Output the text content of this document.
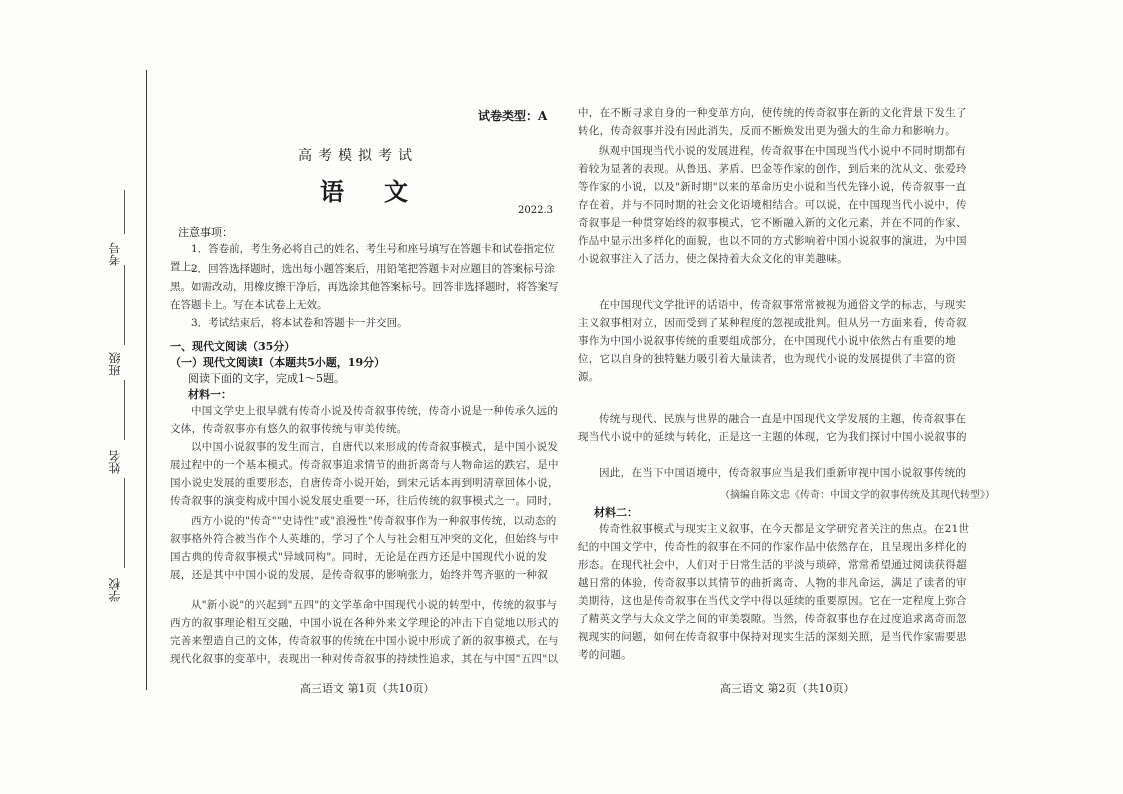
考号
班级
姓名
学校
试卷类型：A
高考模拟考试
语文
2022.3
注意事项：
1．答卷前，考生务必将自己的姓名、考生号和座号填写在答题卡和试卷指定位置上。
2．回答选择题时，选出每小题答案后，用铅笔把答题卡对应题目的答案标号涂黑。如需改动，用橡皮擦干净后，再选涂其他答案标号。回答非选择题时，将答案写在答题卡上。写在本试卷上无效。
3．考试结束后，将本试卷和答题卡一并交回。
一、现代文阅读（35分）
（一）现代文阅读Ⅰ（本题共5小题，19分）
阅读下面的文字，完成1～5题。
材料一：
中国文学史上很早就有传奇小说及传奇叙事传统，传奇小说是一种传承久远的文体，传奇叙事亦有悠久的叙事传统与审美传统。
以中国小说叙事的发生而言，自唐代以来形成的传奇叙事模式，是中国小说发展过程中的一个基本模式。传奇叙事追求情节的曲折离奇与人物命运的跌宕，是中国小说史发展的重要形态，自唐传奇小说开始，到宋元话本再到明清章回体小说，传奇叙事的演变构成中国小说发展史重要一环，往后传统的叙事模式之一。同时，
西方小说的"传奇""史诗性"或"浪漫性"传奇叙事作为一种叙事传统，以动态的叙事格外符合被当作个人英雄的，学习了个人与社会相互冲突的文化，但始终与中国古典的传奇叙事模式"异域同构"。同时，无论是在西方还是中国现代小说的发展，还是其中中国小说的发展，是传奇叙事的影响张力，始终并驾齐驱的一种叙
从"新小说"的兴起到"五四"的文学革命中国现代小说的转型中，传统的叙事与西方的叙事理论相互交融，中国小说在各种外来文学理论的冲击下自觉地以形式的完善来塑造自己的文体，传奇叙事的传统在中国小说中形成了新的叙事模式，在与现代化叙事的变革中，表现出一种对传奇叙事的持续性追求，其在与中国"五四"以
高三语文 第1页（共10页）
中，在不断寻求自身的一种变革方向，使传统的传奇叙事在新的文化背景下发生了转化，传奇叙事并没有因此消失，反而不断焕发出更为强大的生命力和影响力。
纵观中国现当代小说的发展进程，传奇叙事在中国现当代小说中不同时期都有着较为显著的表现。从鲁迅、茅盾、巴金等作家的创作，到后来的沈从文、张爱玲等作家的小说，以及"新时期"以来的革命历史小说和当代先锋小说，传奇叙事一直存在着，并与不同时期的社会文化语境相结合。可以说，在中国现当代小说中，传奇叙事是一种贯穿始终的叙事模式，它不断融入新的文化元素，并在不同的作家、作品中显示出多样化的面貌，也以不同的方式影响着中国小说叙事的演进，为中国小说叙事注入了活力，使之保持着大众文化的审美趣味。
在中国现代文学批评的话语中，传奇叙事常常被视为通俗文学的标志，与现实主义叙事相对立，因而受到了某种程度的忽视或批判。但从另一方面来看，传奇叙事作为中国小说叙事传统的重要组成部分，在中国现代小说中依然占有重要的地位，它以自身的独特魅力吸引着大量读者，也为现代小说的发展提供了丰富的资源。
传统与现代、民族与世界的融合一直是中国现代文学发展的主题，传奇叙事在现当代小说中的延续与转化，正是这一主题的体现，它为我们探讨中国小说叙事的
因此，在当下中国语境中，传奇叙事应当是我们重新审视中国小说叙事传统的
（摘编自陈文忠《传奇：中国文学的叙事传统及其现代转型》）
材料二：
传奇性叙事模式与现实主义叙事，在今天都是文学研究者关注的焦点。在21世纪的中国文学中，传奇性的叙事在不同的作家作品中依然存在，且呈现出多样化的形态。在现代社会中，人们对于日常生活的平淡与琐碎，常常希望通过阅读获得超越日常的体验，传奇叙事以其情节的曲折离奇、人物的非凡命运，满足了读者的审美期待，这也是传奇叙事在当代文学中得以延续的重要原因。它在一定程度上弥合了精英文学与大众文学之间的审美裂隙。当然，传奇叙事也存在过度追求离奇而忽视现实的问题，如何在传奇叙事中保持对现实生活的深刻关照，是当代作家需要思考的问题。
高三语文 第2页（共10页）
